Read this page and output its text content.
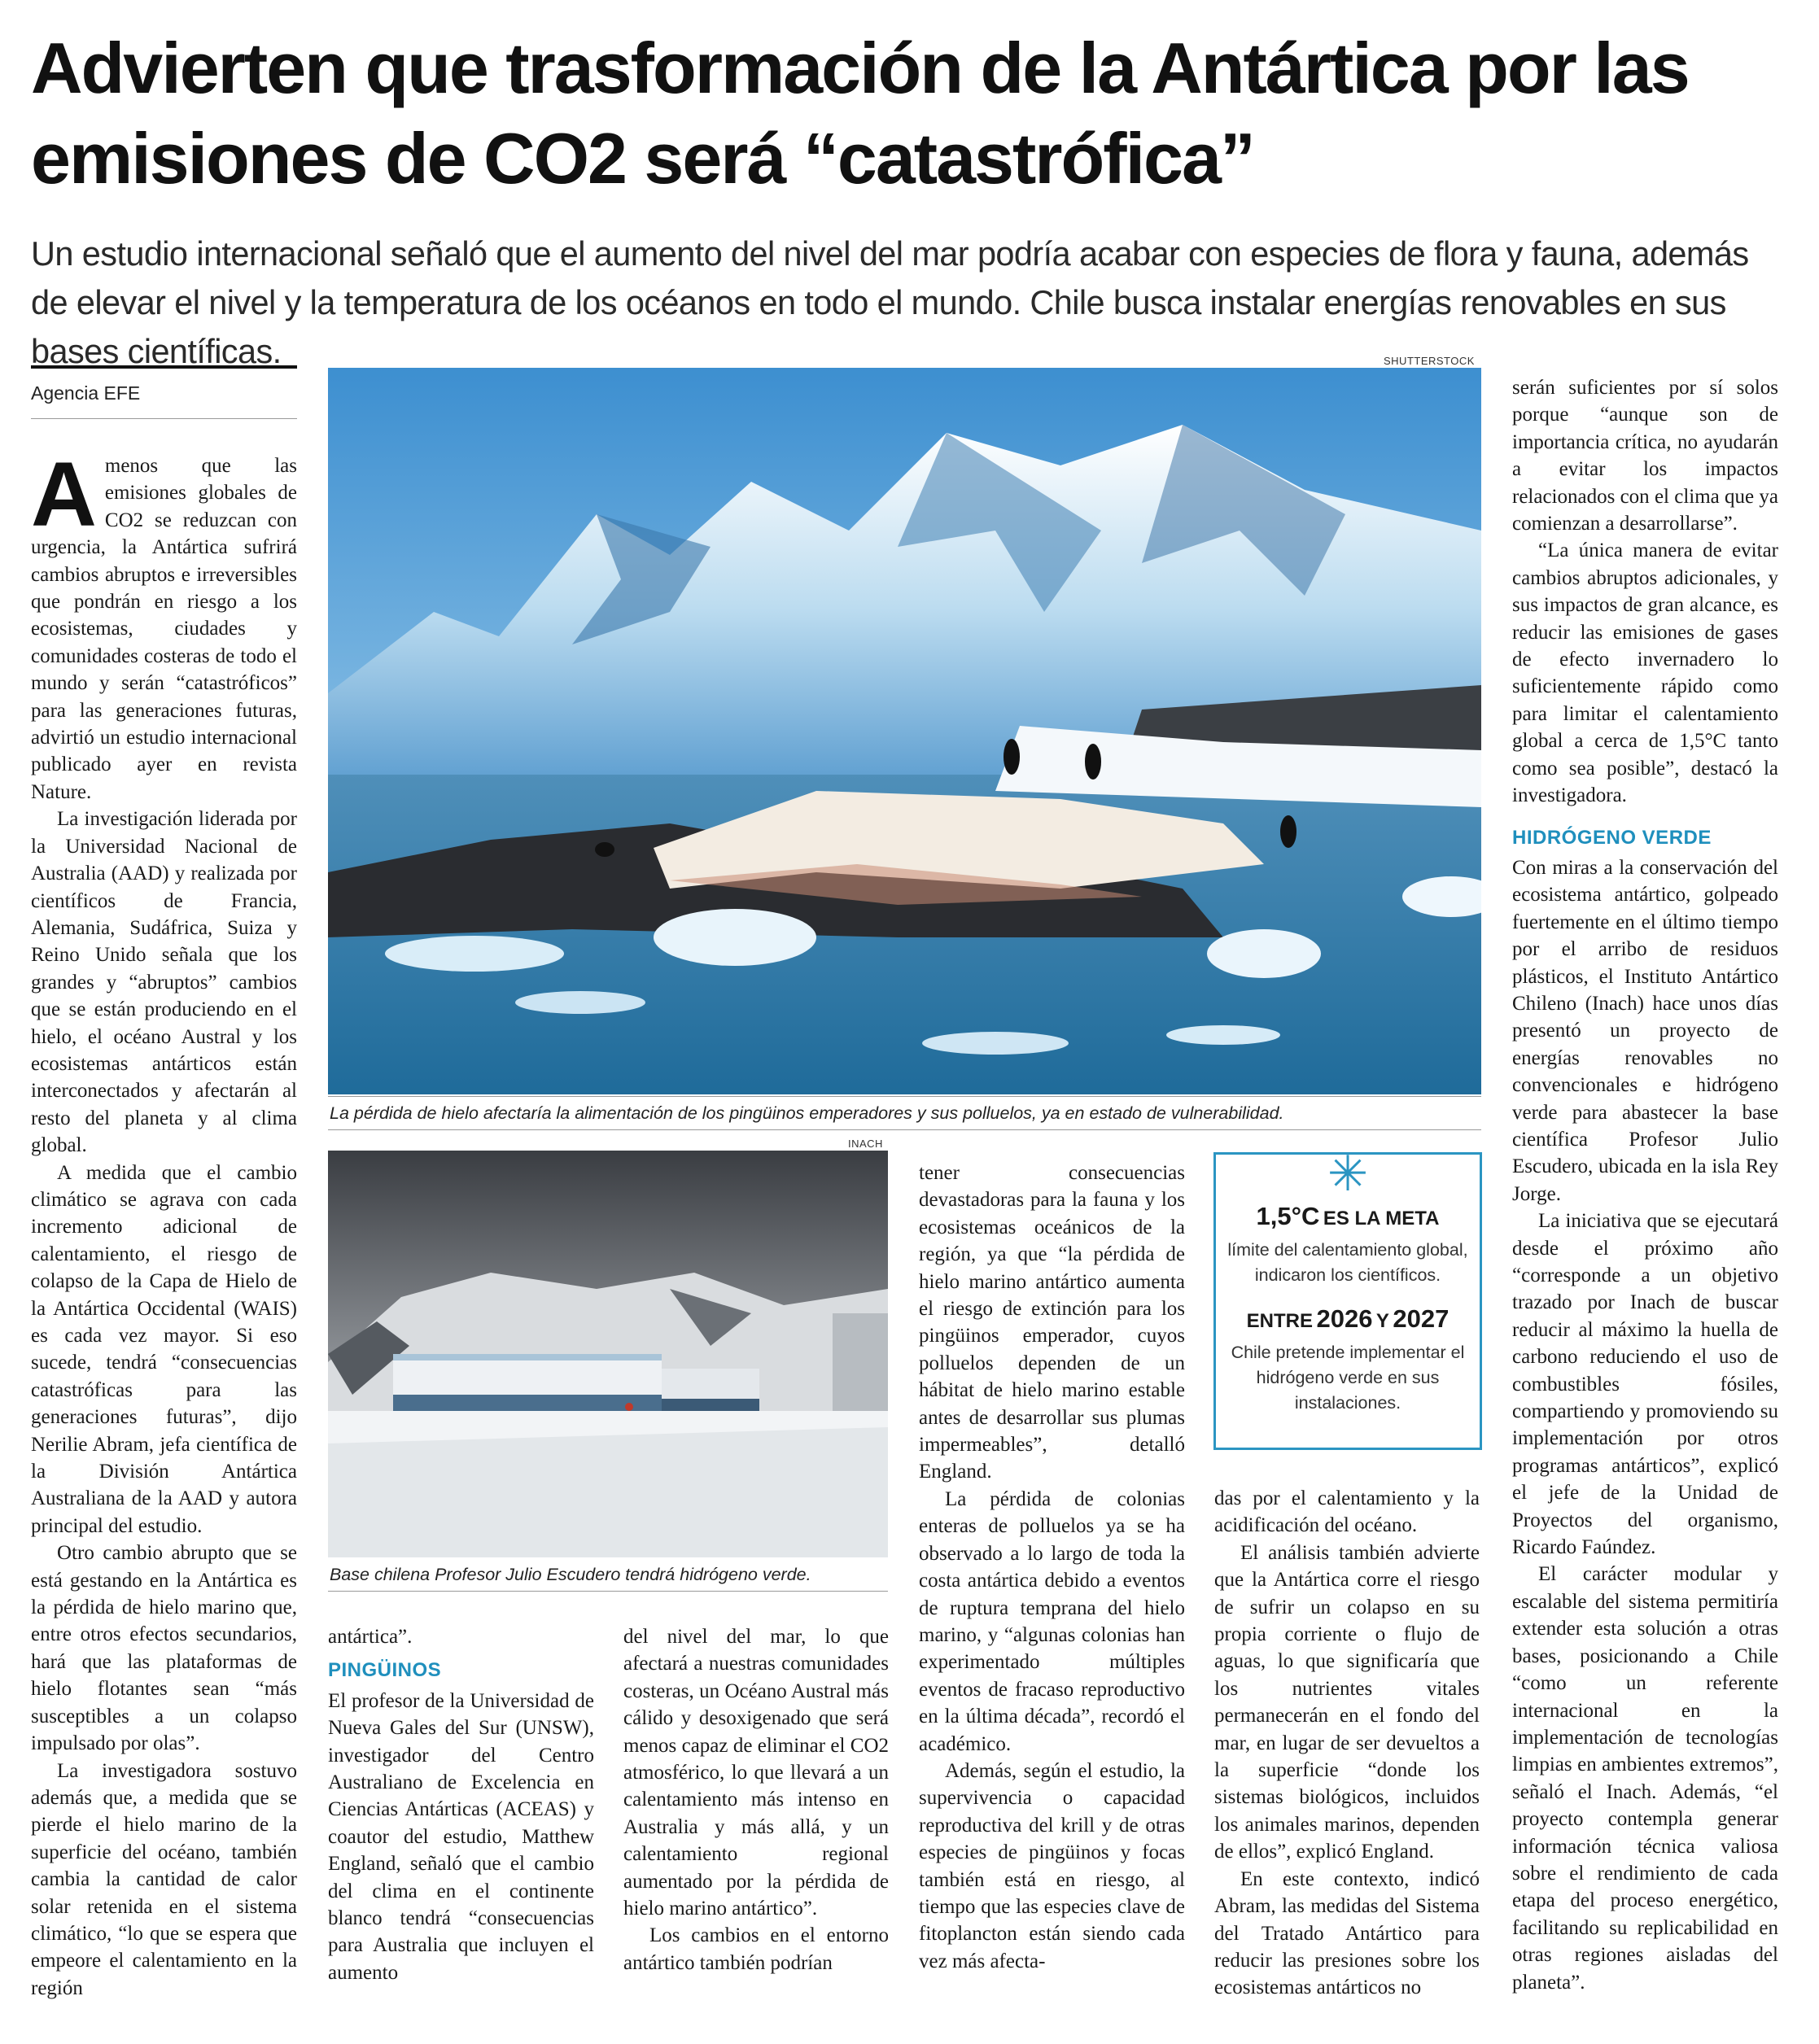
Advierten que trasformación de la Antártica por las emisiones de CO2 será “catastrófica”

Un estudio internacional señaló que el aumento del nivel del mar podría acabar con especies de flora y fauna, además de elevar el nivel y la temperatura de los océanos en todo el mundo. Chile busca instalar energías renovables en sus bases científicas.

Agencia EFE

Amenos que las emisiones globales de CO2 se reduzcan con urgencia, la Antártica sufrirá cambios abruptos e irreversibles que pondrán en riesgo a los ecosistemas, ciudades y comunidades costeras de todo el mundo y serán “catastróficos” para las generaciones futuras, advirtió un estudio internacional publicado ayer en revista Nature.

La investigación liderada por la Universidad Nacional de Australia (AAD) y realizada por científicos de Francia, Alemania, Sudáfrica, Suiza y Reino Unido señala que los grandes y “abruptos” cambios que se están produciendo en el hielo, el océano Austral y los ecosistemas antárticos están interconectados y afectarán al resto del planeta y al clima global.

A medida que el cambio climático se agrava con cada incremento adicional de calentamiento, el riesgo de colapso de la Capa de Hielo de la Antártica Occidental (WAIS) es cada vez mayor. Si eso sucede, tendrá “consecuencias catastróficas para las generaciones futuras”, dijo Nerilie Abram, jefa científica de la División Antártica Australiana de la AAD y autora principal del estudio.

Otro cambio abrupto que se está gestando en la Antártica es la pérdida de hielo marino que, entre otros efectos secundarios, hará que las plataformas de hielo flotantes sean “más susceptibles a un colapso impulsado por olas”.

La investigadora sostuvo además que, a medida que se pierde el hielo marino de la superficie del océano, también cambia la cantidad de calor solar retenida en el sistema climático, “lo que se espera que empeore el calentamiento en la región

SHUTTERSTOCK
La pérdida de hielo afectaría la alimentación de los pingüinos emperadores y sus polluelos, ya en estado de vulnerabilidad.
INACH
Base chilena Profesor Julio Escudero tendrá hidrógeno verde.

antártica”.

PINGÜINOS

El profesor de la Universidad de Nueva Gales del Sur (UNSW), investigador del Centro Australiano de Excelencia en Ciencias Antárticas (ACEAS) y coautor del estudio, Matthew England, señaló que el cambio del clima en el continente blanco tendrá “consecuencias para Australia que incluyen el aumento

del nivel del mar, lo que afectará a nuestras comunidades costeras, un Océano Austral más cálido y desoxigenado que será menos capaz de eliminar el CO2 atmosférico, lo que llevará a un calentamiento más intenso en Australia y más allá, y un calentamiento regional aumentado por la pérdida de hielo marino antártico”.

Los cambios en el entorno antártico también podrían

tener consecuencias devastadoras para la fauna y los ecosistemas oceánicos de la región, ya que “la pérdida de hielo marino antártico aumenta el riesgo de extinción para los pingüinos emperador, cuyos polluelos dependen de un hábitat de hielo marino estable antes de desarrollar sus plumas impermeables”, detalló England.

La pérdida de colonias enteras de polluelos ya se ha observado a lo largo de toda la costa antártica debido a eventos de ruptura temprana del hielo marino, y “algunas colonias han experimentado múltiples eventos de fracaso reproductivo en la última década”, recordó el académico.

Además, según el estudio, la supervivencia o capacidad reproductiva del krill y de otras especies de pingüinos y focas también está en riesgo, al tiempo que las especies clave de fitoplancton están siendo cada vez más afecta-

✳
1,5°C ES LA META
límite del calentamiento global, indicaron los científicos.
ENTRE 2026 Y 2027
Chile pretende implementar el hidrógeno verde en sus instalaciones.

das por el calentamiento y la acidificación del océano.

El análisis también advierte que la Antártica corre el riesgo de sufrir un colapso en su propia corriente o flujo de aguas, lo que significaría que los nutrientes vitales permanecerán en el fondo del mar, en lugar de ser devueltos a la superficie “donde los sistemas biológicos, incluidos los animales marinos, dependen de ellos”, explicó England.

En este contexto, indicó Abram, las medidas del Sistema del Tratado Antártico para reducir las presiones sobre los ecosistemas antárticos no

serán suficientes por sí solos porque “aunque son de importancia crítica, no ayudarán a evitar los impactos relacionados con el clima que ya comienzan a desarrollarse”.

“La única manera de evitar cambios abruptos adicionales, y sus impactos de gran alcance, es reducir las emisiones de gases de efecto invernadero lo suficientemente rápido como para limitar el calentamiento global a cerca de 1,5°C tanto como sea posible”, destacó la investigadora.

HIDRÓGENO VERDE

Con miras a la conservación del ecosistema antártico, golpeado fuertemente en el último tiempo por el arribo de residuos plásticos, el Instituto Antártico Chileno (Inach) hace unos días presentó un proyecto de energías renovables no convencionales e hidrógeno verde para abastecer la base científica Profesor Julio Escudero, ubicada en la isla Rey Jorge.

La iniciativa que se ejecutará desde el próximo año “corresponde a un objetivo trazado por Inach de buscar reducir al máximo la huella de carbono reduciendo el uso de combustibles fósiles, compartiendo y promoviendo su implementación por otros programas antárticos”, explicó el jefe de la Unidad de Proyectos del organismo, Ricardo Faúndez.

El carácter modular y escalable del sistema permitiría extender esta solución a otras bases, posicionando a Chile “como un referente internacional en la implementación de tecnologías limpias en ambientes extremos”, señaló el Inach. Además, “el proyecto contempla generar información técnica valiosa sobre el rendimiento de cada etapa del proceso energético, facilitando su replicabilidad en otras regiones aisladas del planeta”.
